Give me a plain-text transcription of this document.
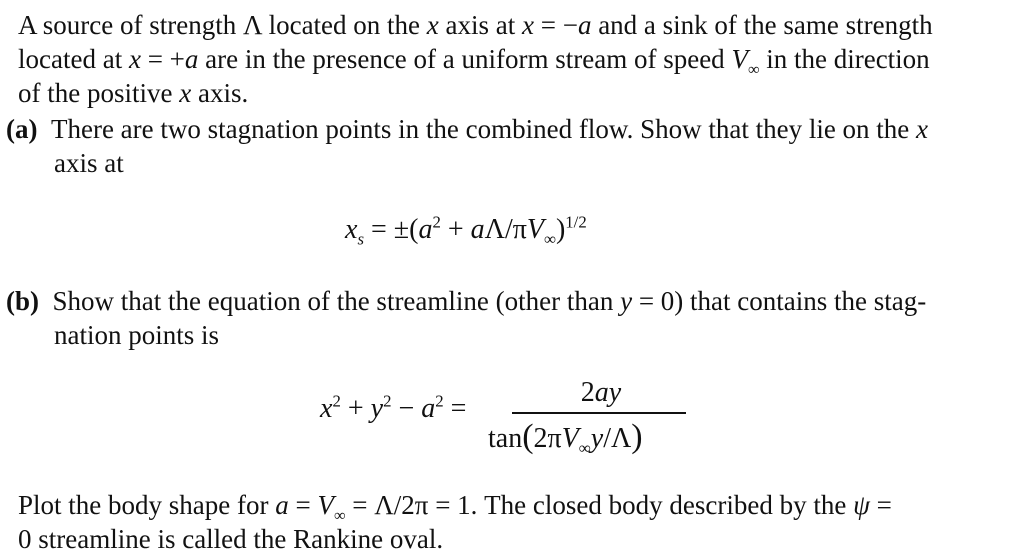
A source of strength Λ located on the x axis at x = −a and a sink of the same strength
located at x = +a are in the presence of a uniform stream of speed $V_\infty$ in the direction
of the positive x axis.
(a)  There are two stagnation points in the combined flow. Show that they lie on the x
axis at
$x_s = \pm(a^2 + a\Lambda/\pi V_\infty)^{1/2}$
(b)  Show that the equation of the streamline (other than y = 0) that contains the stag-
nation points is
$x^2 + y^2 - a^2$ =
2ay
$\tan(2\pi V_\infty y/\Lambda)$
Plot the body shape for $a = V_\infty = \Lambda/2\pi = 1$. The closed body described by the ψ =
0 streamline is called the Rankine oval.
